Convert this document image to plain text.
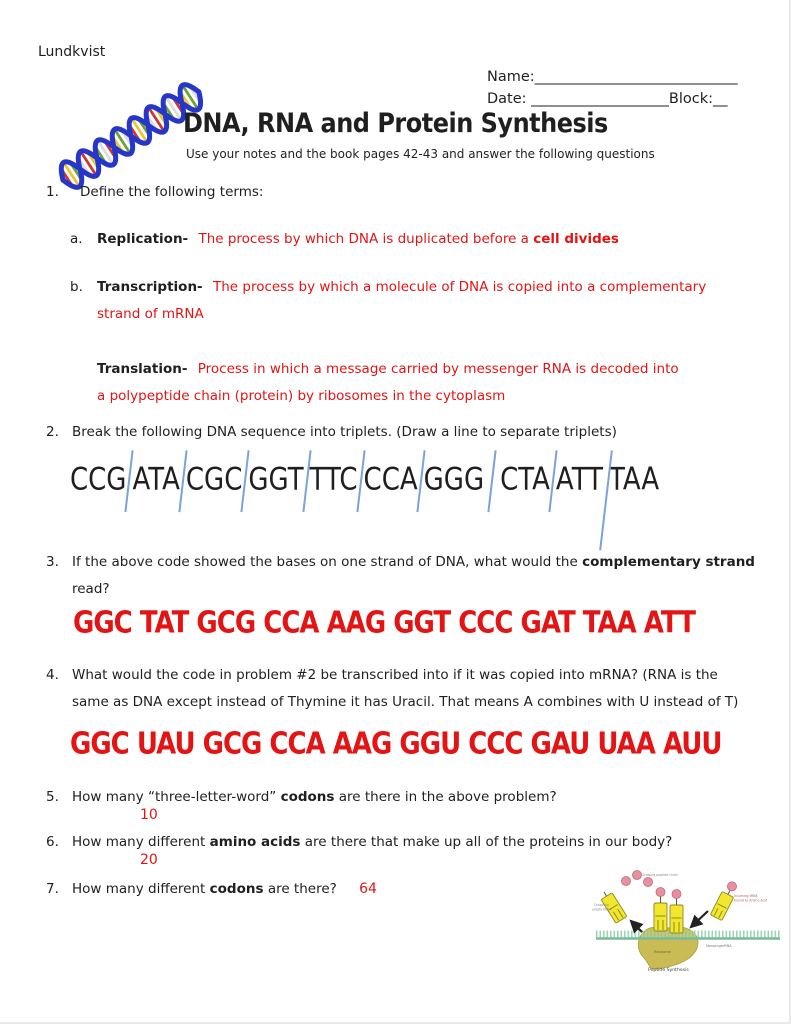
Lundkvist
Name:____________________________
Date: ___________________Block:__
DNA, RNA and Protein Synthesis
Use your notes and the book pages 42-43 and answer the following questions
1.	Define the following terms:
a.	Replication- The process by which DNA is duplicated before a cell divides
b.	Transcription- The process by which a molecule of DNA is copied into a complementary
strand of mRNA
Translation- Process in which a message carried by messenger RNA is decoded into
a polypeptide chain (protein) by ribosomes in the cytoplasm
2. Break the following DNA sequence into triplets. (Draw a line to separate triplets)
CCG ATA CGC GGT TTC CCA GGG CTA ATT TAA
3. If the above code showed the bases on one strand of DNA, what would the complementary strand
read?
GGC TAT GCG CCA AAG GGT CCC GAT TAA ATT
4. What would the code in problem #2 be transcribed into if it was copied into mRNA? (RNA is the
same as DNA except instead of Thymine it has Uracil. That means A combines with U instead of T)
GGC UAU GCG CCA AAG GGU CCC GAU UAA AUU
5. How many “three-letter-word” codons are there in the above problem?
10
6. How many different amino acids are there that make up all of the proteins in our body?
20
7. How many different codons are there? 64
Growing peptide chain
Outgoing
empty tRNA
Incoming tRNA
bound to Amino Acid
MessengerRNA
Ribosome
Peptide Synthesis
